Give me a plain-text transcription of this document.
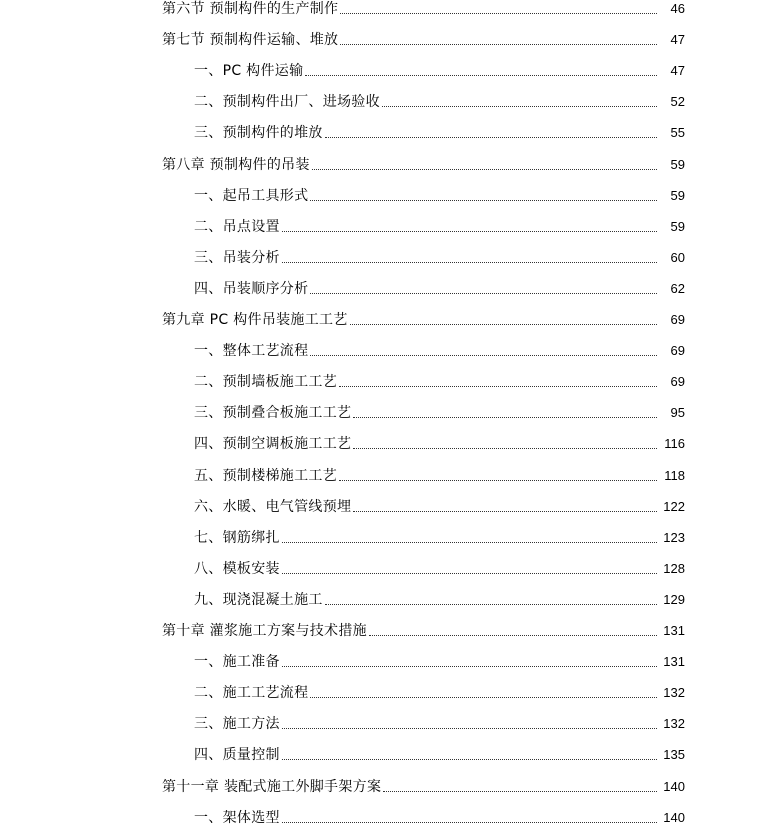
第六节 预制构件的生产制作	46
第七节 预制构件运输、堆放	47
一、PC 构件运输	47
二、预制构件出厂、进场验收	52
三、预制构件的堆放	55
第八章 预制构件的吊装	59
一、起吊工具形式	59
二、吊点设置	59
三、吊装分析	60
四、吊装顺序分析	62
第九章 PC 构件吊装施工工艺	69
一、整体工艺流程	69
二、预制墙板施工工艺	69
三、预制叠合板施工工艺	95
四、预制空调板施工工艺	116
五、预制楼梯施工工艺	118
六、水暖、电气管线预埋	122
七、钢筋绑扎	123
八、模板安装	128
九、现浇混凝土施工	129
第十章 灌浆施工方案与技术措施	131
一、施工准备	131
二、施工工艺流程	132
三、施工方法	132
四、质量控制	135
第十一章 装配式施工外脚手架方案	140
一、架体选型	140
